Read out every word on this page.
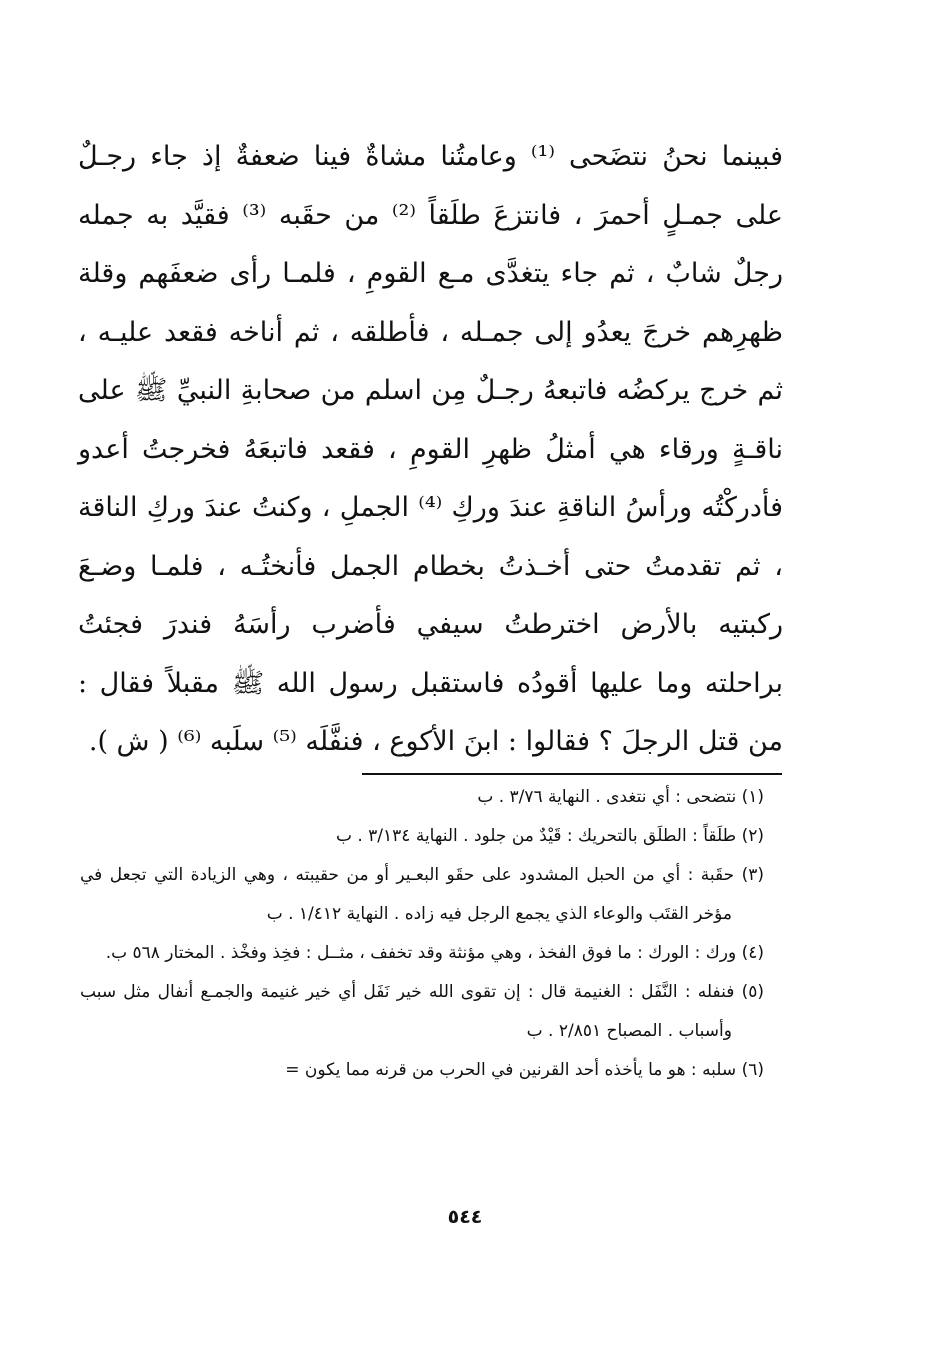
فبينما نحنُ نتضَحى ⁽¹⁾ وعامتُنا مشاةٌ فينا ضعفةٌ إذ جاء رجـلٌ على جمـلٍ أحمرَ ، فانتزعَ طلَقاً ⁽²⁾ من حقَبه ⁽³⁾ فقيَّد به جمله رجلٌ شابٌ ، ثم جاء يتغدَّى مـع القومِ ، فلمـا رأى ضعفَهم وقلة ظهرِهم خرجَ يعدُو إلى جمـله ، فأطلقه ، ثم أناخه فقعد عليـه ، ثم خرج يركضُه فاتبعهُ رجـلٌ مِن اسلم من صحابةِ النبيِّ ﷺ على ناقـةٍ ورقاء هي أمثلُ ظهرِ القومِ ، فقعد فاتبعَهُ فخرجتُ أعدو فأدركْتُه ورأسُ الناقةِ عندَ وركِ ⁽⁴⁾ الجملِ ، وكنتُ عندَ وركِ الناقة ، ثم تقدمتُ حتى أخـذتُ بخطام الجمل فأنختُـه ، فلمـا وضـعَ ركبتيه بالأرض اخترطتُ سيفي فأضرب رأسَهُ فندرَ فجئتُ براحلته وما عليها أقودُه فاستقبل رسول الله ﷺ مقبلاً فقال : من قتل الرجلَ ؟ فقالوا : ابنَ الأكوع ، فنفَّلَه ⁽⁵⁾ سلَبه ⁽⁶⁾ ( ش ).

(١) نتضحى : أي نتغدى . النهاية ٣/٧٦ . ب

(٢) طلَقاً : الطلَق بالتحريك : قَيْدٌ من جلود . النهاية ٣/١٣٤ . ب

(٣) حقَبة : أي من الحبل المشدود على حقَو البعـير أو من حقيبته ، وهي الزيادة التي تجعل في مؤخر القتَب والوعاء الذي يجمع الرجل فيه زاده . النهاية ١/٤١٢ . ب

(٤) ورك : الورك : ما فوق الفخذ ، وهي مؤنثة وقد تخفف ، مثــل : فخِذ وفخْذ . المختار ٥٦٨ ب.

(٥) فنفله : النَّفَل : الغنيمة قال : إن تقوى الله خير نَفَل أي خير غنيمة والجمـع أنفال مثل سبب وأسباب . المصباح ٢/٨٥١ . ب

(٦) سلبه : هو ما يأخذه أحد القرنين في الحرب من قرنه مما يكون =

٥٤٤
